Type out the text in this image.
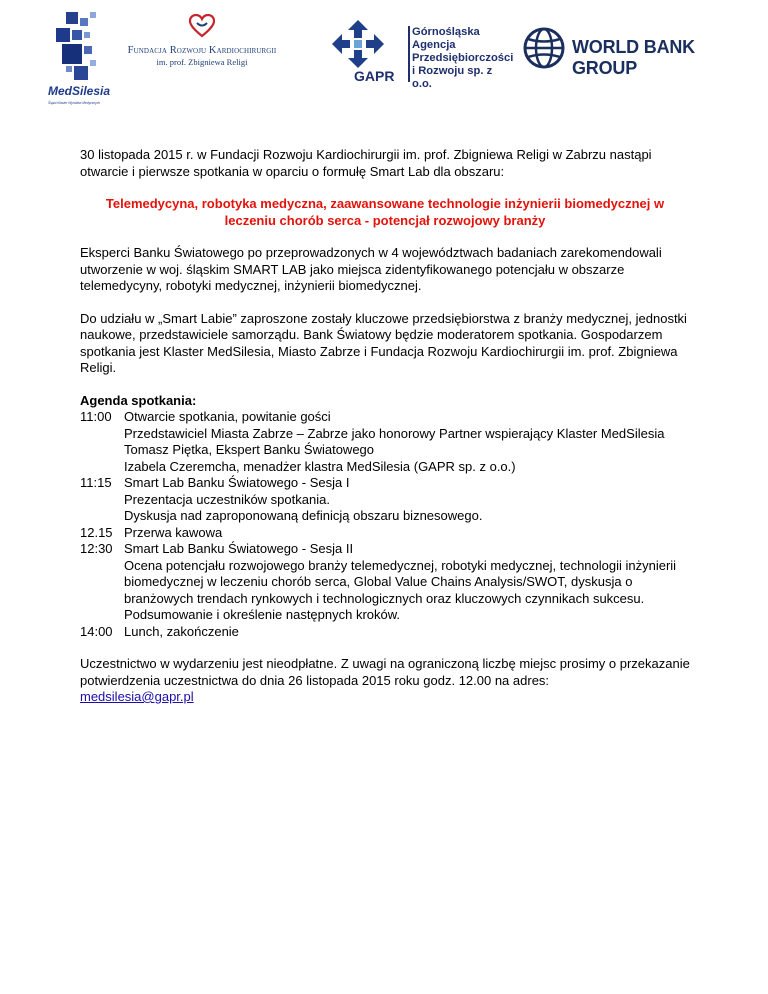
MedSilesia
Śląski Klaster Wyrobów Medycznych
Fundacja Rozwoju Kardiochirurgii
im. prof. Zbigniewa Religi
GAPR
Górnośląska
Agencja
Przedsiębiorczości
i Rozwoju sp. z o.o.
WORLD BANK GROUP

30 listopada 2015 r. w Fundacji Rozwoju Kardiochirurgii im. prof. Zbigniewa Religi w Zabrzu nastąpi otwarcie i pierwsze spotkania w oparciu o formułę Smart Lab dla obszaru:

Telemedycyna, robotyka medyczna, zaawansowane technologie inżynierii biomedycznej w leczeniu chorób serca - potencjał rozwojowy branży

Eksperci Banku Światowego po przeprowadzonych w 4 województwach badaniach zarekomendowali utworzenie w woj. śląskim SMART LAB jako miejsca zidentyfikowanego potencjału w obszarze telemedycyny, robotyki medycznej, inżynierii biomedycznej.

Do udziału w „Smart Labie” zaproszone zostały kluczowe przedsiębiorstwa z branży medycznej, jednostki naukowe, przedstawiciele samorządu. Bank Światowy będzie moderatorem spotkania. Gospodarzem spotkania jest Klaster MedSilesia, Miasto Zabrze i Fundacja Rozwoju Kardiochirurgii im. prof. Zbigniewa Religi.

Agenda spotkania:
11:00 Otwarcie spotkania, powitanie gości
Przedstawiciel Miasta Zabrze – Zabrze jako honorowy Partner wspierający Klaster MedSilesia
Tomasz Piętka, Ekspert Banku Światowego
Izabela Czeremcha, menadżer klastra MedSilesia (GAPR sp. z o.o.)
11:15 Smart Lab Banku Światowego - Sesja I
Prezentacja uczestników spotkania.
Dyskusja nad zaproponowaną definicją obszaru biznesowego.
12.15 Przerwa kawowa
12:30 Smart Lab Banku Światowego - Sesja II
Ocena potencjału rozwojowego branży telemedycznej, robotyki medycznej, technologii inżynierii biomedycznej w leczeniu chorób serca, Global Value Chains Analysis/SWOT, dyskusja o branżowych trendach rynkowych i technologicznych oraz kluczowych czynnikach sukcesu.
Podsumowanie i określenie następnych kroków.
14:00 Lunch, zakończenie

Uczestnictwo w wydarzeniu jest nieodpłatne. Z uwagi na ograniczoną liczbę miejsc prosimy o przekazanie potwierdzenia uczestnictwa do dnia 26 listopada 2015 roku godz. 12.00 na adres:
medsilesia@gapr.pl
